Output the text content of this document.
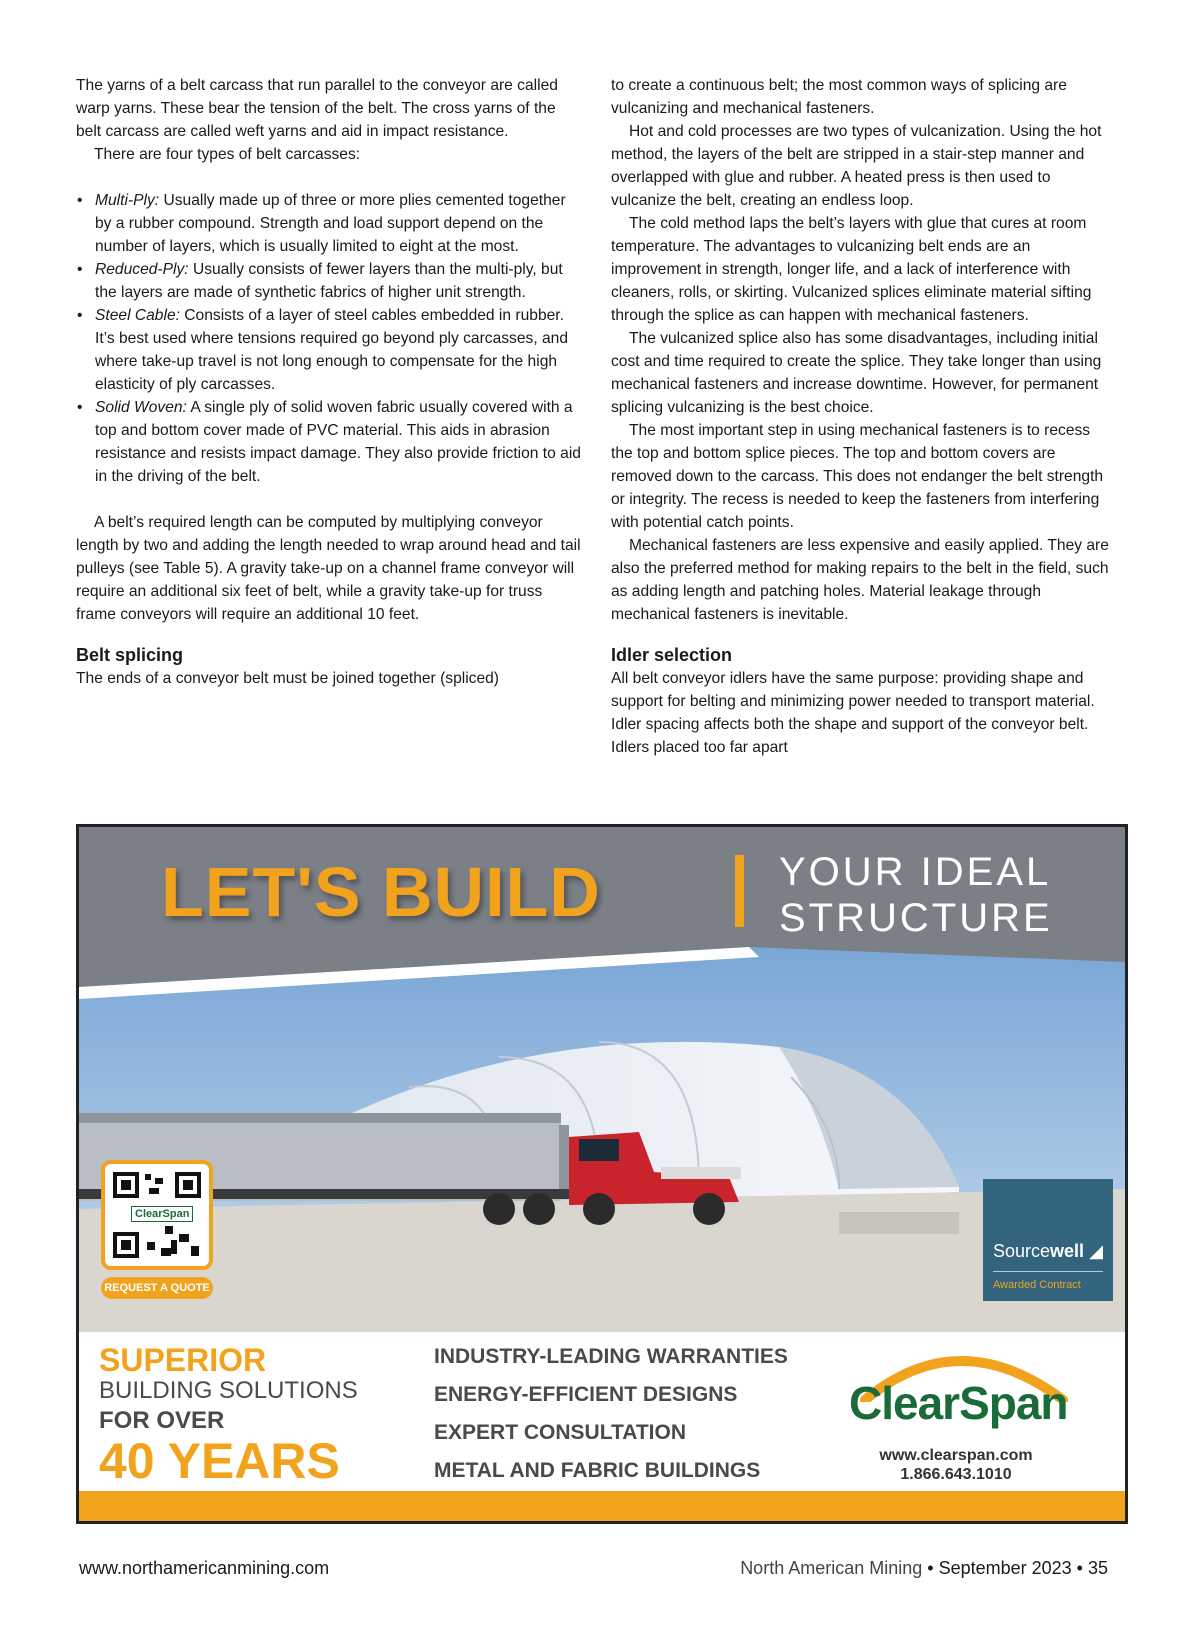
The yarns of a belt carcass that run parallel to the conveyor are called warp yarns. These bear the tension of the belt. The cross yarns of the belt carcass are called weft yarns and aid in impact resistance.

There are four types of belt carcasses:

• Multi-Ply: Usually made up of three or more plies cemented together by a rubber compound. Strength and load support depend on the number of layers, which is usually limited to eight at the most.
• Reduced-Ply: Usually consists of fewer layers than the multi-ply, but the layers are made of synthetic fabrics of higher unit strength.
• Steel Cable: Consists of a layer of steel cables embedded in rubber. It’s best used where tensions required go beyond ply carcasses, and where take-up travel is not long enough to compensate for the high elasticity of ply carcasses.
• Solid Woven: A single ply of solid woven fabric usually covered with a top and bottom cover made of PVC material. This aids in abrasion resistance and resists impact damage. They also provide friction to aid in the driving of the belt.

A belt’s required length can be computed by multiplying conveyor length by two and adding the length needed to wrap around head and tail pulleys (see Table 5). A gravity take-up on a channel frame conveyor will require an additional six feet of belt, while a gravity take-up for truss frame conveyors will require an additional 10 feet.

Belt splicing

The ends of a conveyor belt must be joined together (spliced)

to create a continuous belt; the most common ways of splicing are vulcanizing and mechanical fasteners.

Hot and cold processes are two types of vulcanization. Using the hot method, the layers of the belt are stripped in a stair-step manner and overlapped with glue and rubber. A heated press is then used to vulcanize the belt, creating an endless loop.

The cold method laps the belt’s layers with glue that cures at room temperature. The advantages to vulcanizing belt ends are an improvement in strength, longer life, and a lack of interference with cleaners, rolls, or skirting. Vulcanized splices eliminate material sifting through the splice as can happen with mechanical fasteners.

The vulcanized splice also has some disadvantages, including initial cost and time required to create the splice. They take longer than using mechanical fasteners and increase downtime. However, for permanent splicing vulcanizing is the best choice.

The most important step in using mechanical fasteners is to recess the top and bottom splice pieces. The top and bottom covers are removed down to the carcass. This does not endanger the belt strength or integrity. The recess is needed to keep the fasteners from interfering with potential catch points.

Mechanical fasteners are less expensive and easily applied. They are also the preferred method for making repairs to the belt in the field, such as adding length and patching holes. Material leakage through mechanical fasteners is inevitable.

Idler selection

All belt conveyor idlers have the same purpose: providing shape and support for belting and minimizing power needed to transport material. Idler spacing affects both the shape and support of the conveyor belt. Idlers placed too far apart

LET'S BUILD	YOUR IDEAL
STRUCTURE
ClearSpan
REQUEST A QUOTE
Sourcewell ◢
Awarded Contract
SUPERIOR
BUILDING SOLUTIONS
FOR OVER
40 YEARS
INDUSTRY-LEADING WARRANTIES
ENERGY-EFFICIENT DESIGNS
EXPERT CONSULTATION
METAL AND FABRIC BUILDINGS
ClearSpan
www.clearspan.com
1.866.643.1010
www.northamericanmining.com	North American Mining • September 2023 • 35
